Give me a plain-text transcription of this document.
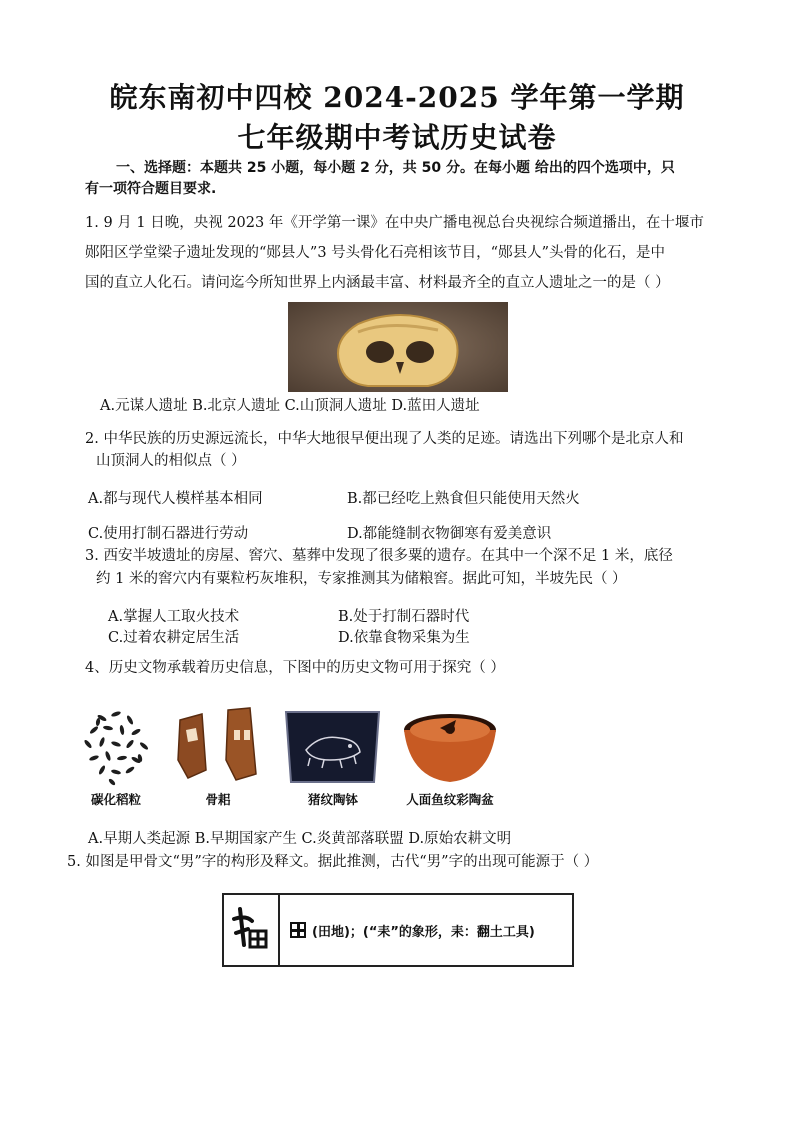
皖东南初中四校 2024-2025 学年第一学期
七年级期中考试历史试卷
一、选择题：本题共 25 小题，每小题 2 分，共 50 分。在每小题 给出的四个选项中，只
有一项符合题目要求.
1. 9 月 1 日晚，央视 2023 年《开学第一课》在中央广播电视总台央视综合频道播出，在十堰市
郧阳区学堂梁子遗址发现的“郧县人”3 号头骨化石亮相该节目，“郧县人”头骨的化石，是中
国的直立人化石。请问迄今所知世界上内涵最丰富、材料最齐全的直立人遗址之一的是（ ）
A.元谋人遗址 B.北京人遗址 C.山顶洞人遗址 D.蓝田人遗址
2. 中华民族的历史源远流长，中华大地很早便出现了人类的足迹。请选出下列哪个是北京人和
山顶洞人的相似点（ ）
A.都与现代人模样基本相同	B.都已经吃上熟食但只能使用天然火
C.使用打制石器进行劳动	D.都能缝制衣物御寒有爱美意识
3. 西安半坡遗址的房屋、窖穴、墓葬中发现了很多粟的遗存。在其中一个深不足 1 米，底径
约 1 米的窖穴内有粟粒朽灰堆积，专家推测其为储粮窖。据此可知，半坡先民（ ）
A.掌握人工取火技术	B.处于打制石器时代
C.过着农耕定居生活	D.依靠食物采集为生
4、历史文物承载着历史信息，下图中的历史文物可用于探究（ ）
碳化稻粒	骨耜	猪纹陶钵	人面鱼纹彩陶盆
A.早期人类起源 B.早期国家产生 C.炎黄部落联盟 D.原始农耕文明
5. 如图是甲骨文“男”字的构形及释文。据此推测，古代“男”字的出现可能源于（ ）
(田地)；(“耒”的象形，耒：翻土工具)
